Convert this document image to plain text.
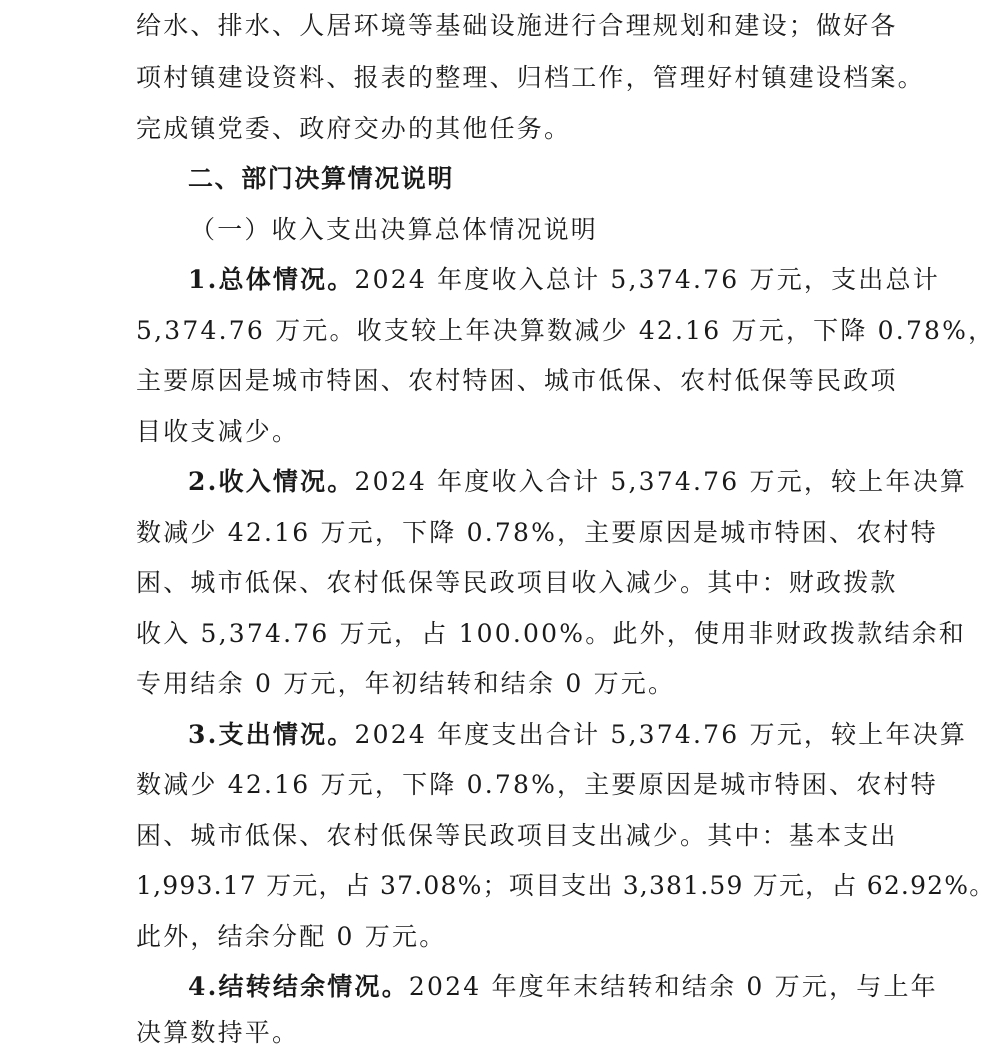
给水、排水、人居环境等基础设施进行合理规划和建设；做好各
项村镇建设资料、报表的整理、归档工作，管理好村镇建设档案。
完成镇党委、政府交办的其他任务。
二、部门决算情况说明
（一）收入支出决算总体情况说明
1.总体情况。2024 年度收入总计 5,374.76 万元，支出总计
5,374.76 万元。收支较上年决算数减少 42.16 万元，下降 0.78%，
主要原因是城市特困、农村特困、城市低保、农村低保等民政项
目收支减少。
2.收入情况。2024 年度收入合计 5,374.76 万元，较上年决算
数减少 42.16 万元，下降 0.78%，主要原因是城市特困、农村特
困、城市低保、农村低保等民政项目收入减少。其中：财政拨款
收入 5,374.76 万元，占 100.00%。此外，使用非财政拨款结余和
专用结余 0 万元，年初结转和结余 0 万元。
3.支出情况。2024 年度支出合计 5,374.76 万元，较上年决算
数减少 42.16 万元，下降 0.78%，主要原因是城市特困、农村特
困、城市低保、农村低保等民政项目支出减少。其中：基本支出
1,993.17 万元，占 37.08%；项目支出 3,381.59 万元，占 62.92%。
此外，结余分配 0 万元。
4.结转结余情况。2024 年度年末结转和结余 0 万元，与上年
决算数持平。
